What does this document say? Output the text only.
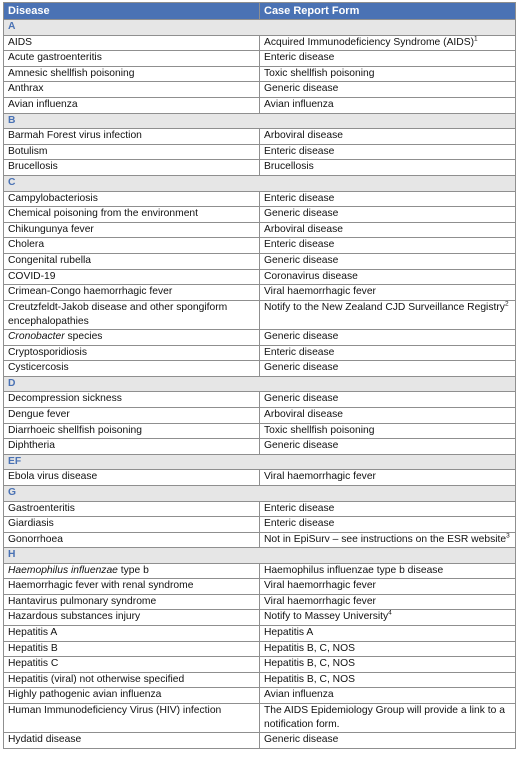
Disease	Case Report Form
A	
AIDS	Acquired Immunodeficiency Syndrome (AIDS)$^1$
Acute gastroenteritis	Enteric disease
Amnesic shellfish poisoning	Toxic shellfish poisoning
Anthrax	Generic disease
Avian influenza	Avian influenza
B	
Barmah Forest virus infection	Arboviral disease
Botulism	Enteric disease
Brucellosis	Brucellosis
C	
Campylobacteriosis	Enteric disease
Chemical poisoning from the environment	Generic disease
Chikungunya fever	Arboviral disease
Cholera	Enteric disease
Congenital rubella	Generic disease
COVID-19	Coronavirus disease
Crimean-Congo haemorrhagic fever	Viral haemorrhagic fever
Creutzfeldt-Jakob disease and other spongiform encephalopathies	Notify to the New Zealand CJD Surveillance Registry$^2$
Cronobacter species	Generic disease
Cryptosporidiosis	Enteric disease
Cysticercosis	Generic disease
D	
Decompression sickness	Generic disease
Dengue fever	Arboviral disease
Diarrhoeic shellfish poisoning	Toxic shellfish poisoning
Diphtheria	Generic disease
EF	
Ebola virus disease	Viral haemorrhagic fever
G	
Gastroenteritis	Enteric disease
Giardiasis	Enteric disease
Gonorrhoea	Not in EpiSurv – see instructions on the ESR website$^3$
H	
Haemophilus influenzae type b	Haemophilus influenzae type b disease
Haemorrhagic fever with renal syndrome	Viral haemorrhagic fever
Hantavirus pulmonary syndrome	Viral haemorrhagic fever
Hazardous substances injury	Notify to Massey University$^4$
Hepatitis A	Hepatitis A
Hepatitis B	Hepatitis B, C, NOS
Hepatitis C	Hepatitis B, C, NOS
Hepatitis (viral) not otherwise specified	Hepatitis B, C, NOS
Highly pathogenic avian influenza	Avian influenza
Human Immunodeficiency Virus (HIV) infection	The AIDS Epidemiology Group will provide a link to a notification form.
Hydatid disease	Generic disease
